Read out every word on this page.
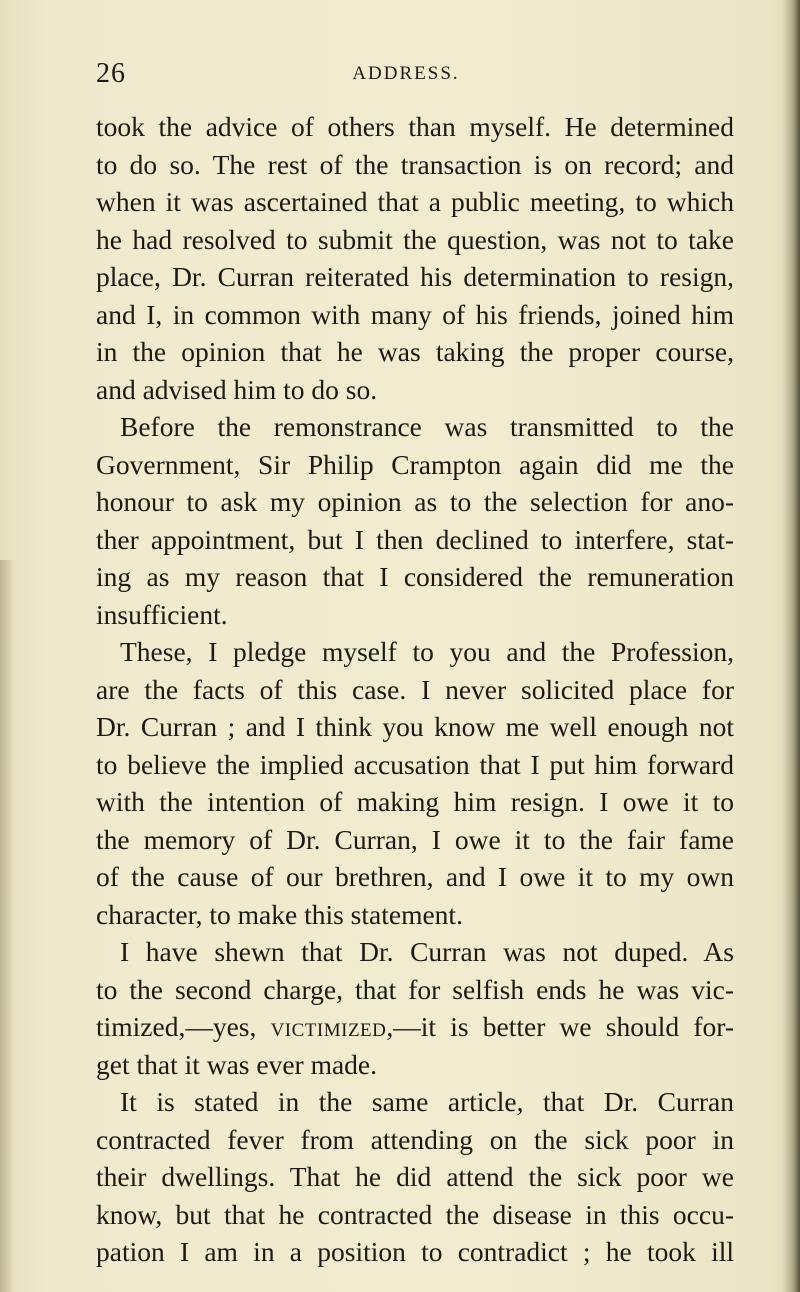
26	ADDRESS.
took the advice of others than myself. He determined
to do so. The rest of the transaction is on record; and
when it was ascertained that a public meeting, to which
he had resolved to submit the question, was not to take
place, Dr. Curran reiterated his determination to resign,
and I, in common with many of his friends, joined him
in the opinion that he was taking the proper course,
and advised him to do so.
Before the remonstrance was transmitted to the
Government, Sir Philip Crampton again did me the
honour to ask my opinion as to the selection for ano-
ther appointment, but I then declined to interfere, stat-
ing as my reason that I considered the remuneration
insufficient.
These, I pledge myself to you and the Profession,
are the facts of this case. I never solicited place for
Dr. Curran ; and I think you know me well enough not
to believe the implied accusation that I put him forward
with the intention of making him resign. I owe it to
the memory of Dr. Curran, I owe it to the fair fame
of the cause of our brethren, and I owe it to my own
character, to make this statement.
I have shewn that Dr. Curran was not duped. As
to the second charge, that for selfish ends he was vic-
timized,—yes, victimized,—it is better we should for-
get that it was ever made.
It is stated in the same article, that Dr. Curran
contracted fever from attending on the sick poor in
their dwellings. That he did attend the sick poor we
know, but that he contracted the disease in this occu-
pation I am in a position to contradict ; he took ill
